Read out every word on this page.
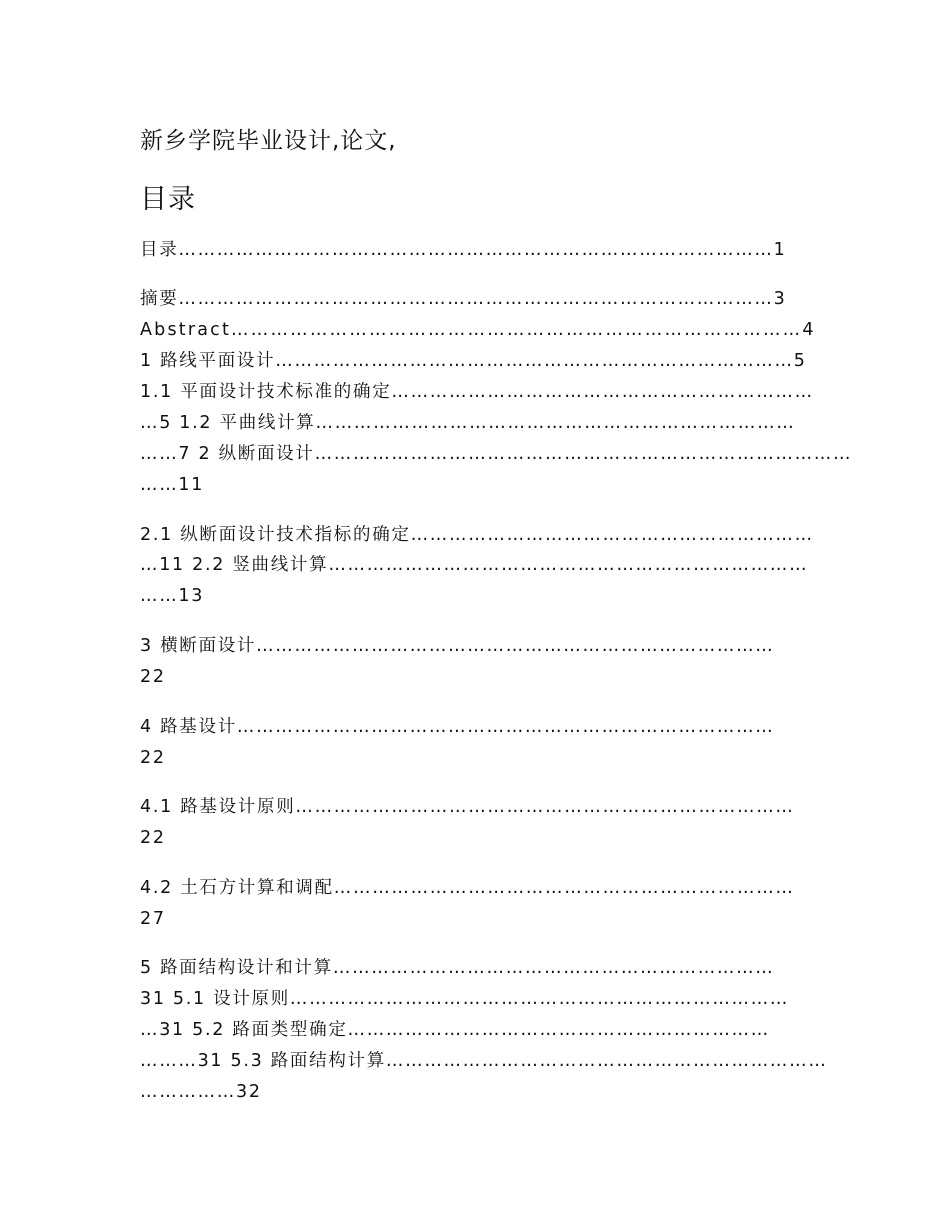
新乡学院毕业设计,论文,
目录
目录…………………………………………………………………………………1
摘要…………………………………………………………………………………3
Abstract……………………………………………………………………………4
1 路线平面设计………………………………………………………………………5
1.1 平面设计技术标准的确定…………………………………………………………
…5 1.2 平曲线计算…………………………………………………………………
……7 2 纵断面设计…………………………………………………………………………
……11
2.1 纵断面设计技术指标的确定………………………………………………………
…11 2.2 竖曲线计算…………………………………………………………………
……13
3 横断面设计………………………………………………………………………
22
4 路基设计…………………………………………………………………………
22
4.1 路基设计原则……………………………………………………………………
22
4.2 土石方计算和调配………………………………………………………………
27
5 路面结构设计和计算……………………………………………………………
31 5.1 设计原则……………………………………………………………………
…31 5.2 路面类型确定…………………………………………………………
………31 5.3 路面结构计算……………………………………………………………
……………32
